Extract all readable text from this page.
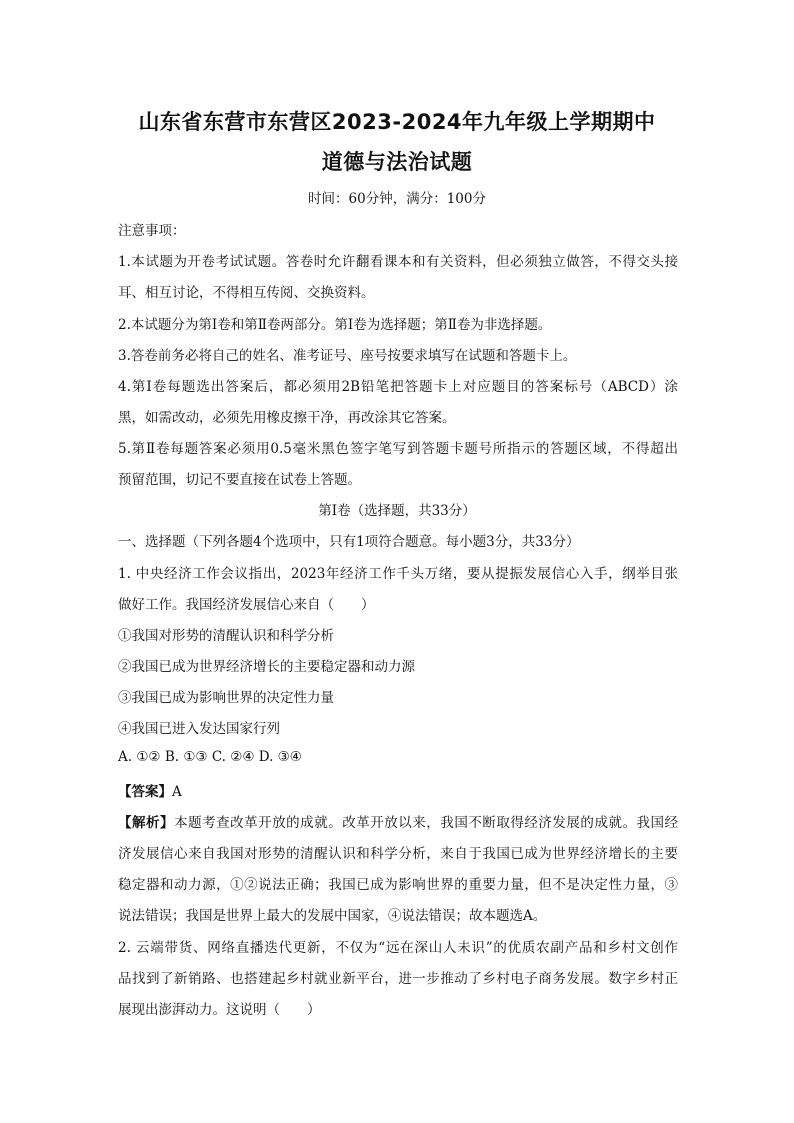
山东省东营市东营区2023-2024年九年级上学期期中
道德与法治试题
时间：60分钟，满分：100分
注意事项：
1.本试题为开卷考试试题。答卷时允许翻看课本和有关资料，但必须独立做答，不得交头接
耳、相互讨论，不得相互传阅、交换资料。
2.本试题分为第Ⅰ卷和第Ⅱ卷两部分。第Ⅰ卷为选择题；第Ⅱ卷为非选择题。
3.答卷前务必将自己的姓名、准考证号、座号按要求填写在试题和答题卡上。
4.第Ⅰ卷每题选出答案后，都必须用2B铅笔把答题卡上对应题目的答案标号（ABCD）涂
黑，如需改动，必须先用橡皮擦干净，再改涂其它答案。
5.第Ⅱ卷每题答案必须用0.5毫米黑色签字笔写到答题卡题号所指示的答题区域，不得超出
预留范围，切记不要直接在试卷上答题。
第Ⅰ卷（选择题，共33分）
一、选择题（下列各题4个选项中，只有1项符合题意。每小题3分，共33分）
1. 中央经济工作会议指出，2023年经济工作千头万绪，要从提振发展信心入手，纲举目张
做好工作。我国经济发展信心来自（　　）
①我国对形势的清醒认识和科学分析
②我国已成为世界经济增长的主要稳定器和动力源
③我国已成为影响世界的决定性力量
④我国已进入发达国家行列
A. ①② B. ①③ C. ②④ D. ③④
【答案】A
【解析】本题考查改革开放的成就。改革开放以来，我国不断取得经济发展的成就。我国经
济发展信心来自我国对形势的清醒认识和科学分析，来自于我国已成为世界经济增长的主要
稳定器和动力源，①②说法正确；我国已成为影响世界的重要力量，但不是决定性力量，③
说法错误；我国是世界上最大的发展中国家，④说法错误；故本题选A。
2. 云端带货、网络直播迭代更新，不仅为“远在深山人未识”的优质农副产品和乡村文创作
品找到了新销路、也搭建起乡村就业新平台，进一步推动了乡村电子商务发展。数字乡村正
展现出澎湃动力。这说明（　　）
